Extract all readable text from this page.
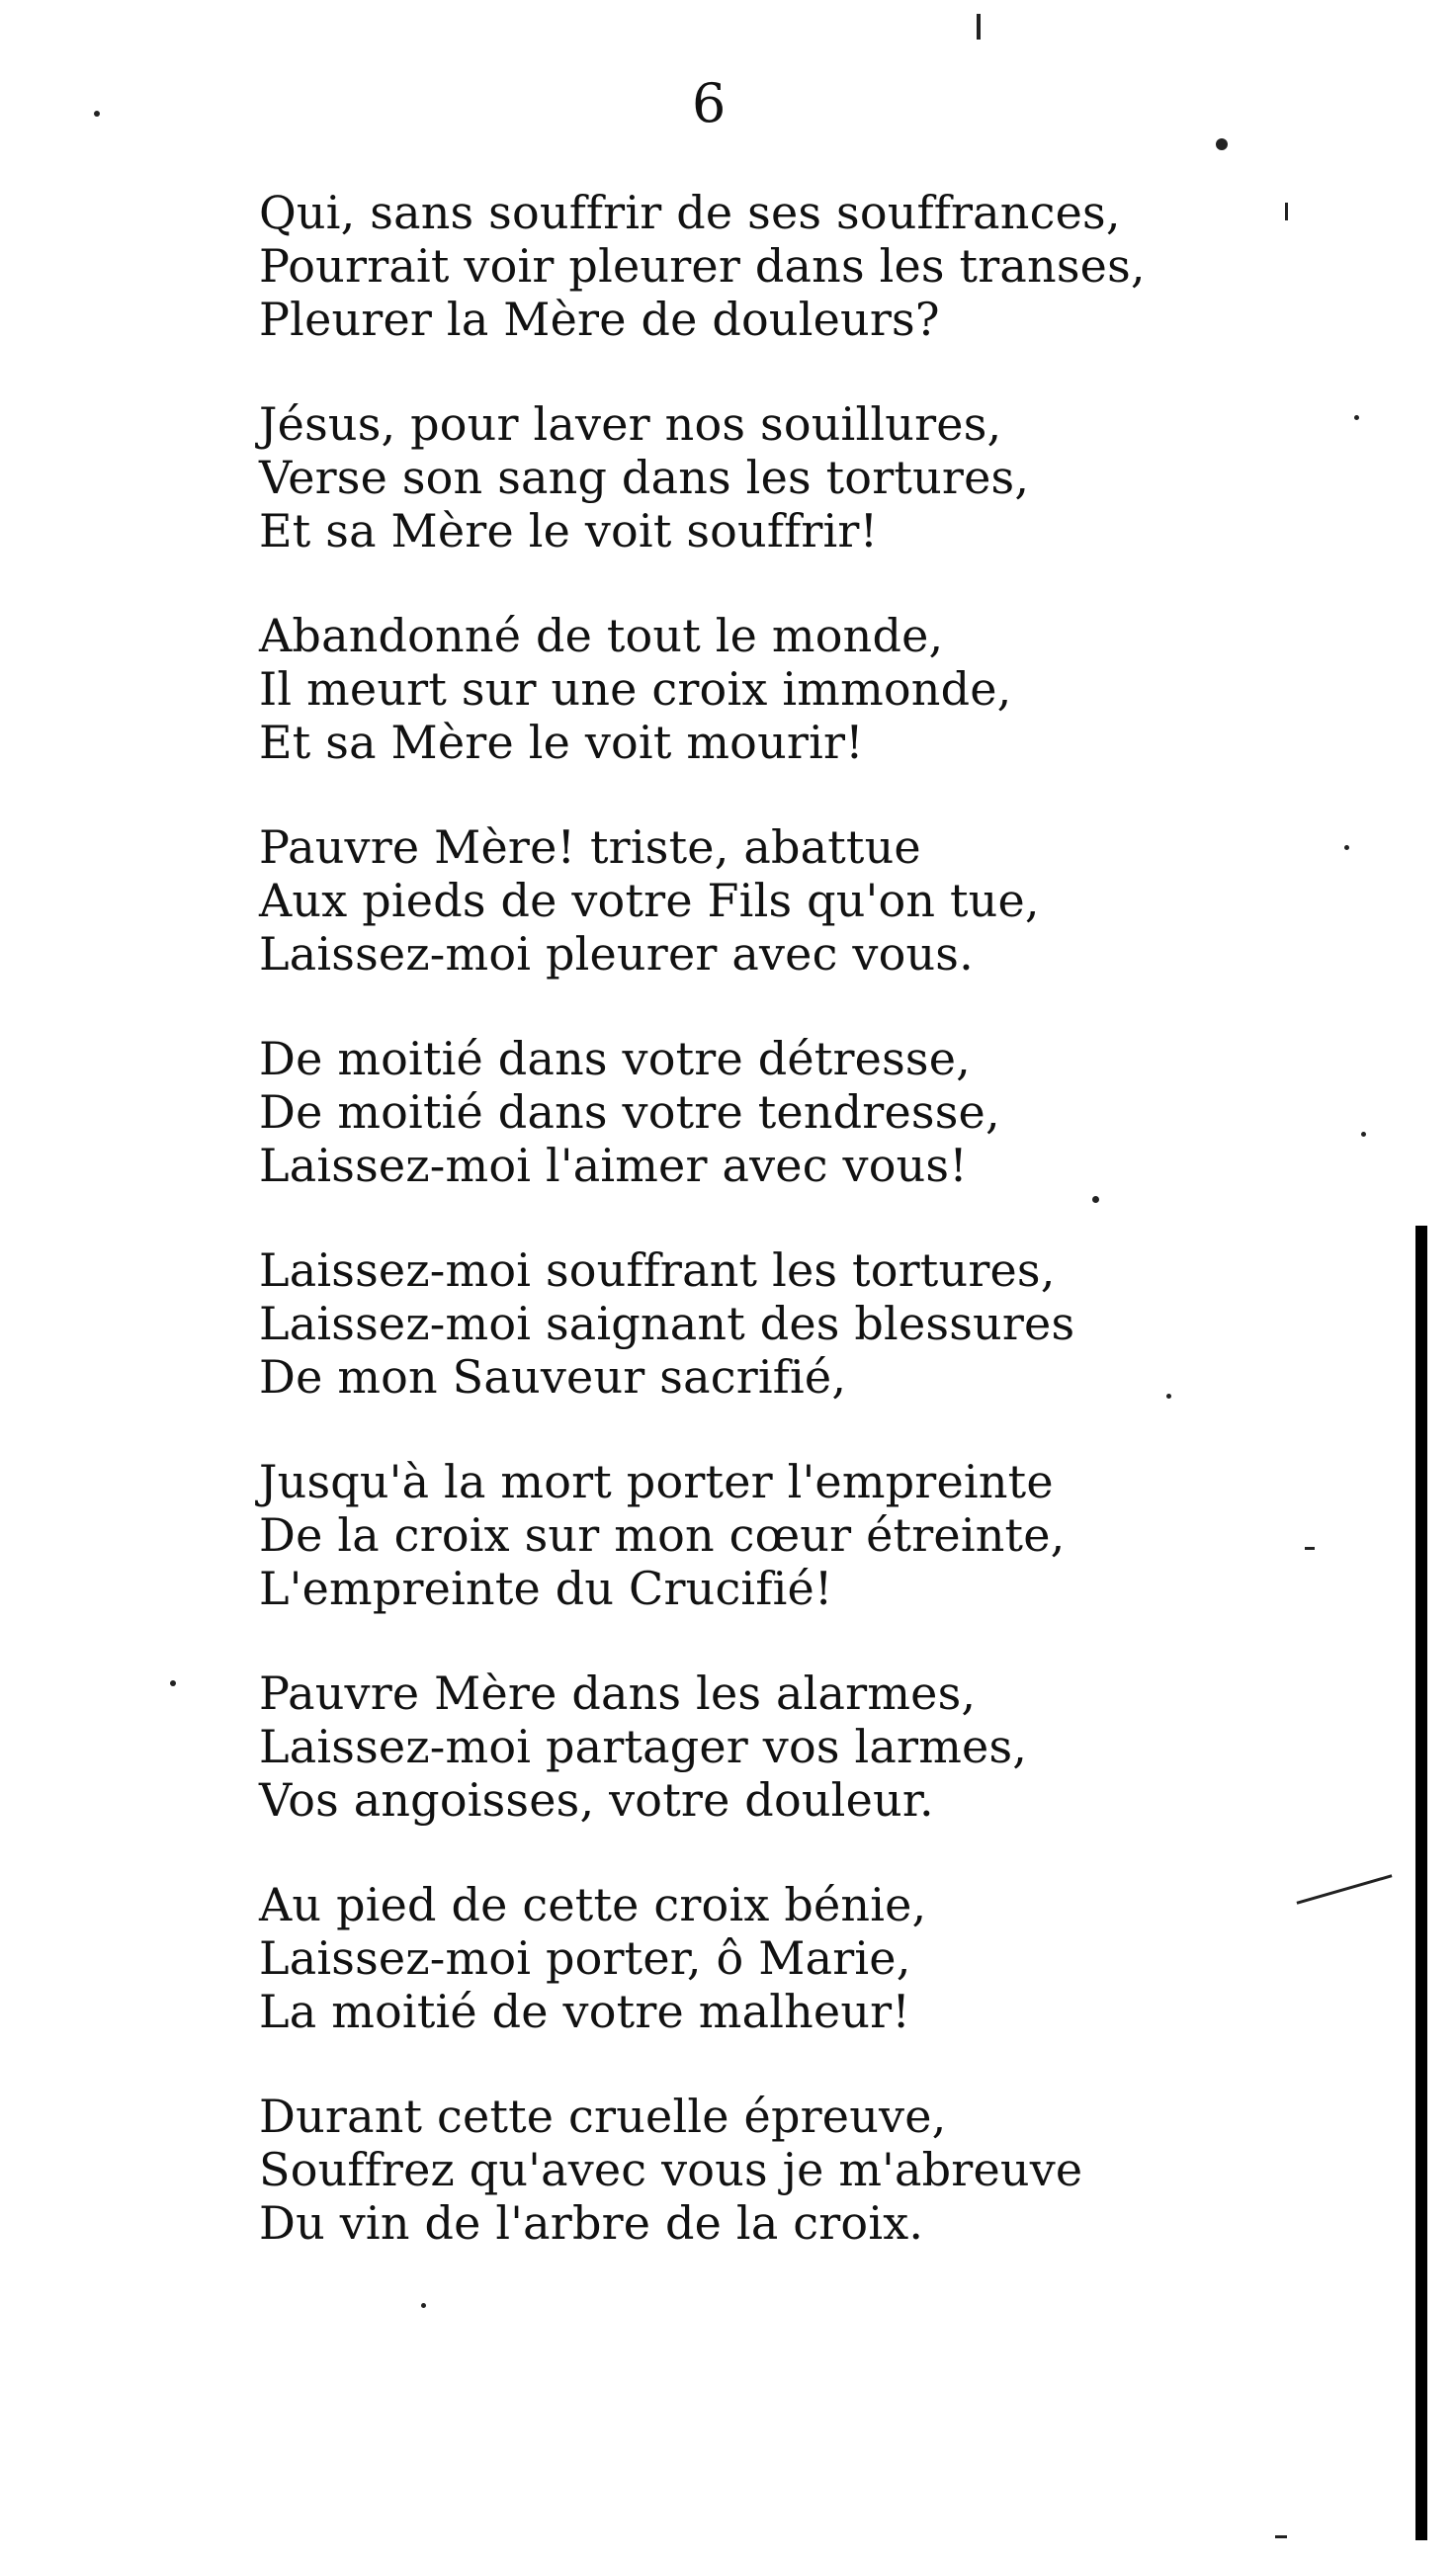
6
Qui, sans souffrir de ses souffrances,
Pourrait voir pleurer dans les transes,
Pleurer la Mère de douleurs?
Jésus, pour laver nos souillures,
Verse son sang dans les tortures,
Et sa Mère le voit souffrir!
Abandonné de tout le monde,
Il meurt sur une croix immonde,
Et sa Mère le voit mourir!
Pauvre Mère! triste, abattue
Aux pieds de votre Fils qu'on tue,
Laissez-moi pleurer avec vous.
De moitié dans votre détresse,
De moitié dans votre tendresse,
Laissez-moi l'aimer avec vous!
Laissez-moi souffrant les tortures,
Laissez-moi saignant des blessures
De mon Sauveur sacrifié,
Jusqu'à la mort porter l'empreinte
De la croix sur mon cœur étreinte,
L'empreinte du Crucifié!
Pauvre Mère dans les alarmes,
Laissez-moi partager vos larmes,
Vos angoisses, votre douleur.
Au pied de cette croix bénie,
Laissez-moi porter, ô Marie,
La moitié de votre malheur!
Durant cette cruelle épreuve,
Souffrez qu'avec vous je m'abreuve
Du vin de l'arbre de la croix.
